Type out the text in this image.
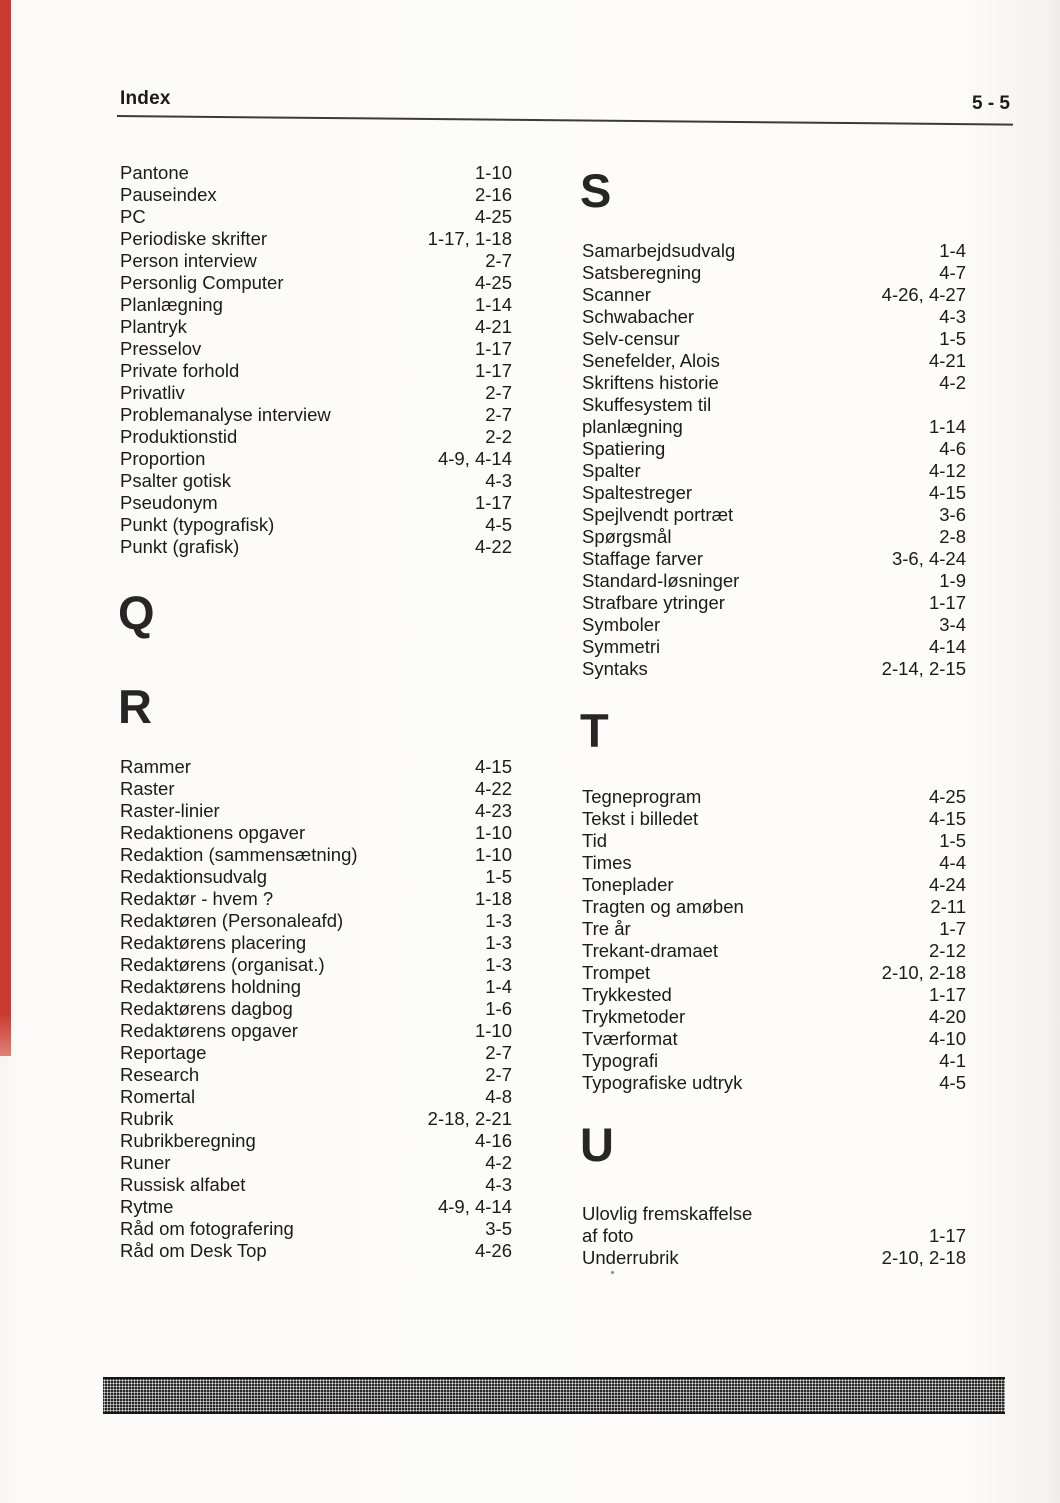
Index	5 - 5
Pantone	1-10
Pauseindex	2-16
PC	4-25
Periodiske skrifter	1-17, 1-18
Person interview	2-7
Personlig Computer	4-25
Planlægning	1-14
Plantryk	4-21
Presselov	1-17
Private forhold	1-17
Privatliv	2-7
Problemanalyse interview	2-7
Produktionstid	2-2
Proportion	4-9, 4-14
Psalter gotisk	4-3
Pseudonym	1-17
Punkt (typografisk)	4-5
Punkt (grafisk)	4-22
Q
R
Rammer	4-15
Raster	4-22
Raster-linier	4-23
Redaktionens opgaver	1-10
Redaktion (sammensætning)	1-10
Redaktionsudvalg	1-5
Redaktør - hvem ?	1-18
Redaktøren (Personaleafd)	1-3
Redaktørens placering	1-3
Redaktørens (organisat.)	1-3
Redaktørens holdning	1-4
Redaktørens dagbog	1-6
Redaktørens opgaver	1-10
Reportage	2-7
Research	2-7
Romertal	4-8
Rubrik	2-18, 2-21
Rubrikberegning	4-16
Runer	4-2
Russisk alfabet	4-3
Rytme	4-9, 4-14
Råd om fotografering	3-5
Råd om Desk Top	4-26
S
Samarbejdsudvalg	1-4
Satsberegning	4-7
Scanner	4-26, 4-27
Schwabacher	4-3
Selv-censur	1-5
Senefelder, Alois	4-21
Skriftens historie	4-2
Skuffesystem til
planlægning	1-14
Spatiering	4-6
Spalter	4-12
Spaltestreger	4-15
Spejlvendt portræt	3-6
Spørgsmål	2-8
Staffage farver	3-6, 4-24
Standard-løsninger	1-9
Strafbare ytringer	1-17
Symboler	3-4
Symmetri	4-14
Syntaks	2-14, 2-15
T
Tegneprogram	4-25
Tekst i billedet	4-15
Tid	1-5
Times	4-4
Toneplader	4-24
Tragten og amøben	2-11
Tre år	1-7
Trekant-dramaet	2-12
Trompet	2-10, 2-18
Trykkested	1-17
Trykmetoder	4-20
Tværformat	4-10
Typografi	4-1
Typografiske udtryk	4-5
U
Ulovlig fremskaffelse
af foto	1-17
Underrubrik	2-10, 2-18
